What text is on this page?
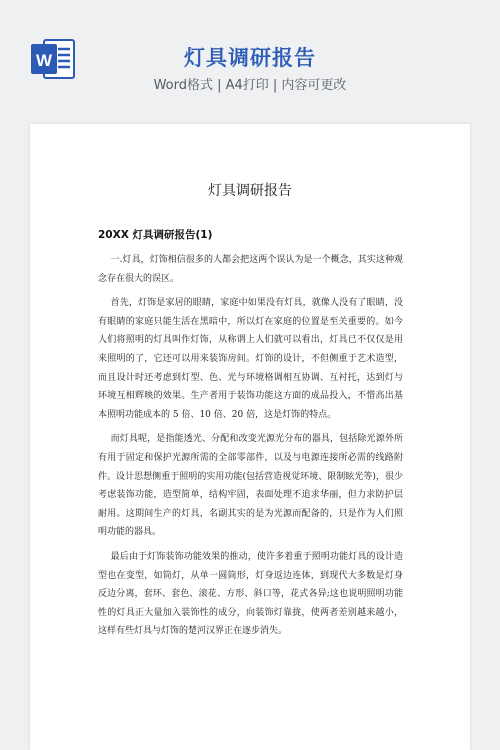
W	灯具调研报告
Word格式 | A4打印 | 内容可更改
灯具调研报告
20XX 灯具调研报告(1)

一.灯具，灯饰相信很多的人都会把这两个误认为是一个概念，其实这种观念存在很大的误区。

首先，灯饰是家居的眼睛，家庭中如果没有灯具，就像人没有了眼睛，没有眼睛的家庭只能生活在黑暗中，所以灯在家庭的位置是至关重要的。如今人们将照明的灯具叫作灯饰，从称谓上人们就可以看出，灯具已不仅仅是用来照明的了，它还可以用来装饰房间。灯饰的设计，不但侧重于艺术造型，而且设计时还考虑到灯型、色、光与环境格调相互协调、互衬托，达到灯与环境互相辉映的效果。生产者用于装饰功能这方面的成品投入，不惜高出基本照明功能成本的 5 倍、10 倍、20 倍，这是灯饰的特点。

而灯具呢，是指能透光、分配和改变光源光分布的器具，包括除光源外所有用于固定和保护光源所需的全部零部件，以及与电源连接所必需的线路附件。设计思想侧重于照明的实用功能(包括营造视觉环境、限制眩光等)，很少考虑装饰功能，造型简单，结构牢固，表面处理不追求华丽，但力求防护层耐用。这期间生产的灯具，名副其实的是为光源而配备的，只是作为人们照明功能的器具。

最后由于灯饰装饰功能效果的推动，使许多着重于照明功能灯具的设计造型也在变型，如筒灯，从单一圆筒形，灯身返边连体，到现代大多数是灯身反边分离，套环、套色、滚花、方形、斜口等，花式各异;这也说明照明功能性的灯具正大量加入装饰性的成分，向装饰灯靠拢，使两者差别越来越小，这样有些灯具与灯饰的楚河汉界正在逐步消失。
